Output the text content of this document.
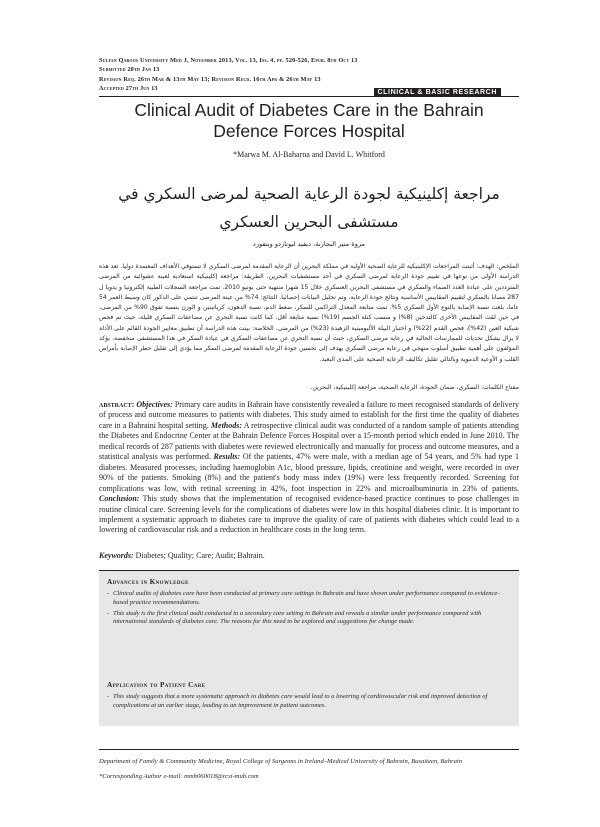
Sultan Qaboos University Med J, November 2013, Vol. 13, Iss. 4, pp. 520-526, Epub. 8th Oct 13
Submitted 20th Jan 13
Revision Req. 26th Mar & 13th May 13; Revision Recd. 16th Apr & 26th May 13
Accepted 27th Jun 13
CLINICAL & BASIC RESEARCH
Clinical Audit of Diabetes Care in the Bahrain
Defence Forces Hospital
*Marwa M. Al-Baharna and David L. Whitford
مراجعة إكلينيكية لجودة الرعاية الصحية لمرضى السكري في مستشفى البحرين العسكري
مروة منير البحارنة، ديفيد ليوناردو ويتفورد

الملخص: الهدف: أثبتت المراجعات الإكلينيكية للرعاية الصحية الأولية في مملكة البحرين أن الرعاية المقدمة لمرضى السكري لا تستوفي الأهداف المعتمدة دوليا. تعد هذه الدراسة الأولى من نوعها في تقييم جودة الرعاية لمرضى السكري في أحد مستشفيات البحرين. الطريقة: مراجعة إكلينيكية استعادية لعينة عشوائية من المرضى المترددين على عيادة الغدد الصماء والسكري في مستشفى البحرين العسكري خلال 15 شهرا منتهية حتى يونيو 2010. تمت مراجعة السجلات الطبية إلكترونيا و يدويا ل 287 مصابا بالسكري لتقييم المقاييس الأساسية ونتائج جودة الرعاية، وتم تحليل البيانات إحصائيا. النتائج: 74% من عينة المرضى تنتمي على الذكور كان وسيط العمر 54 عاما، بلغت نسبة الإصابة بالنوع الأول السكري 5%. تمت متابعة المعدل التراكمي للسكر، ضغط الدم، نسبة الدهون، كرياتينين و الوزن بنسبة تفوق 90% من المرضى، في حين لقت المقاييس الأخرى كالتدخين (8%) و منسب كتلة الجسم (19%) نسبة متابعة أقل. كما كانت نسبة التحري عن مضاعفات السكري قليلة، حيث تم فحص شبكية العين (42%)، فحص القدم (22%) و اختبار البيلة الألبومينية الزهيدة (23%) من المرضى. الخلاصة: بينت هذه الدراسة أن تطبيق معايير الجودة القائم على الأدلة لا يزال يشكل تحديات للممارسات الحالية في رعاية مرضى السكري، حيث أن نسبة التحري عن مضاعفات السكري في عيادة السكر في هذا المستشفى منخفضة. يؤكد المؤلفون على أهمية تطبيق أسلوب منهجي في رعاية مرضى السكري يهدف إلى تحسين جودة الرعاية المقدمة لمرضى السكر مما يؤدي إلى تقليل خطر الإصابة بأمراض القلب و الأوعية الدموية وبالتالي تقليل تكاليف الرعاية الصحية على المدى البعيد.

مفتاح الكلمات: السكري، ضمان الجودة، الرعاية الصحية، مراجعة إكلينيكية، البحرين.

abstract: Objectives: Primary care audits in Bahrain have consistently revealed a failure to meet recognised standards of delivery of process and outcome measures to patients with diabetes. This study aimed to establish for the first time the quality of diabetes care in a Bahraini hospital setting. Methods: A retrospective clinical audit was conducted of a random sample of patients attending the Diabetes and Endocrine Center at the Bahrain Defence Forces Hospital over a 15-month period which ended in June 2010. The medical records of 287 patients with diabetes were reviewed electronically and manually for process and outcome measures, and a statistical analysis was performed. Results: Of the patients, 47% were male, with a median age of 54 years, and 5% had type 1 diabetes. Measured processes, including haemoglobin A1c, blood pressure, lipids, creatinine and weight, were recorded in over 90% of the patients. Smoking (8%) and the patient's body mass index (19%) were less frequently recorded. Screening for complications was low, with retinal screening in 42%, foot inspection in 22% and microalbuminuria in 23% of patients. Conclusion: This study shows that the implementation of recognised evidence-based practice continues to pose challenges in routine clinical care. Screening levels for the complications of diabetes were low in this hospital diabetes clinic. It is important to implement a systematic approach to diabetes care to improve the quality of care of patients with diabetes which could lead to a lowering of cardiovascular risk and a reduction in healthcare costs in the long term.

Keywords: Diabetes; Quality; Care; Audit; Bahrain.
Advances in Knowledge
- Clinical audits of diabetes care have been conducted at primary care settings in Bahrain and have shown under performance compared to evidence-based practice recommendations.
- This study is the first clinical audit conducted in a secondary care setting in Bahrain and reveals a similar under performance compared with international standards of diabetes care. The reasons for this need to be explored and suggestions for change made.
Application to Patient Care
- This study suggests that a more systematic approach to diabetes care would lead to a lowering of cardiovascular risk and improved detection of complications at an earlier stage, leading to an improvement in patient outcomes.

Department of Family & Community Medicine, Royal College of Surgeons in Ireland–Medical University of Bahrain, Busaiteen, Bahrain

*Corresponding Author e-mail: mmb060018@rcsi-mub.com
